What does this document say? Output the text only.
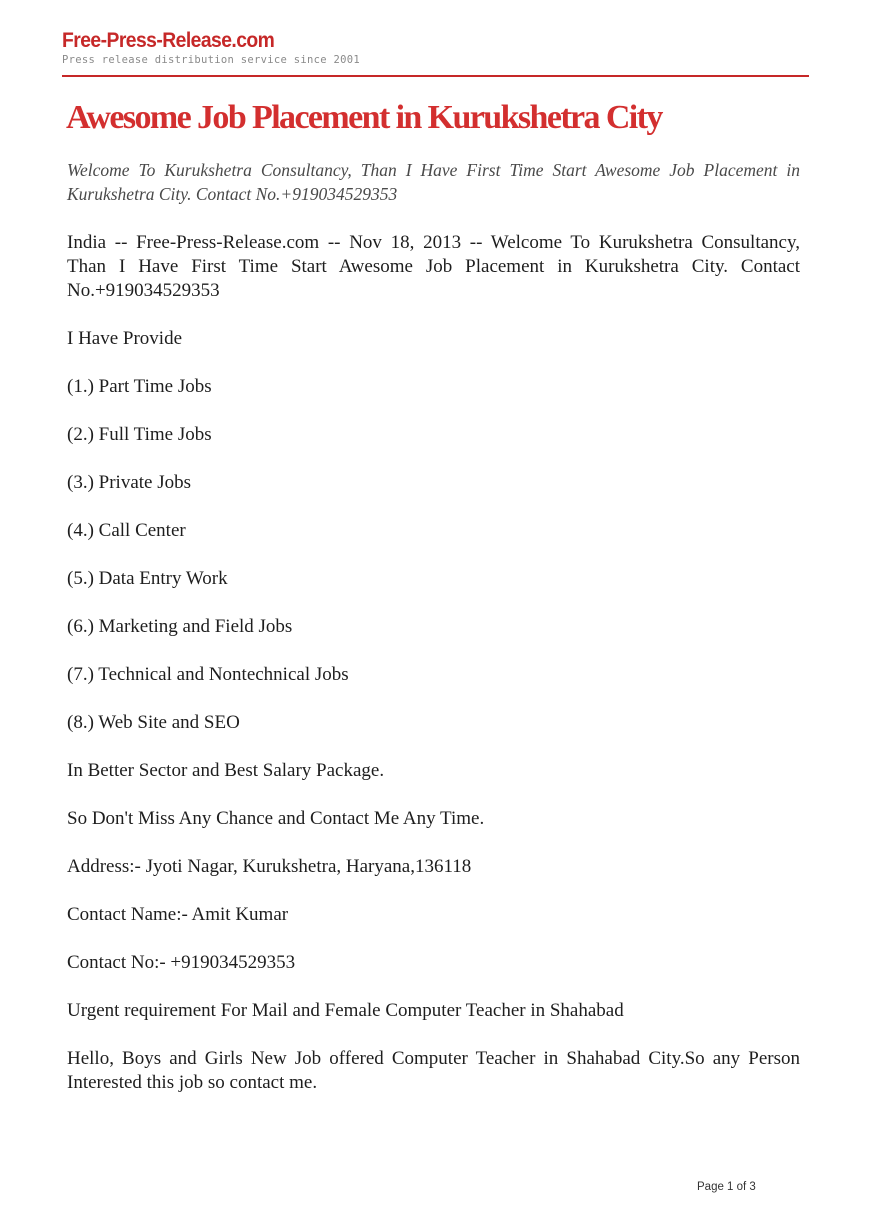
Free-Press-Release.com
Press release distribution service since 2001
Awesome Job Placement in Kurukshetra City

Welcome To Kurukshetra Consultancy, Than I Have First Time Start Awesome Job Placement in Kurukshetra City. Contact No.+919034529353

India -- Free-Press-Release.com -- Nov 18, 2013 -- Welcome To Kurukshetra Consultancy, Than I Have First Time Start Awesome Job Placement in Kurukshetra City. Contact No.+919034529353

I Have Provide

(1.) Part Time Jobs

(2.) Full Time Jobs

(3.) Private Jobs

(4.) Call Center

(5.) Data Entry Work

(6.) Marketing and Field Jobs

(7.) Technical and Nontechnical Jobs

(8.) Web Site and SEO

In Better Sector and Best Salary Package.

So Don't Miss Any Chance and Contact Me Any Time.

Address:- Jyoti Nagar, Kurukshetra, Haryana,136118

Contact Name:- Amit Kumar

Contact No:- +919034529353

Urgent requirement For Mail and Female Computer Teacher in Shahabad

Hello, Boys and Girls New Job offered Computer Teacher in Shahabad City.So any Person Interested this job so contact me.

Page 1 of 3
